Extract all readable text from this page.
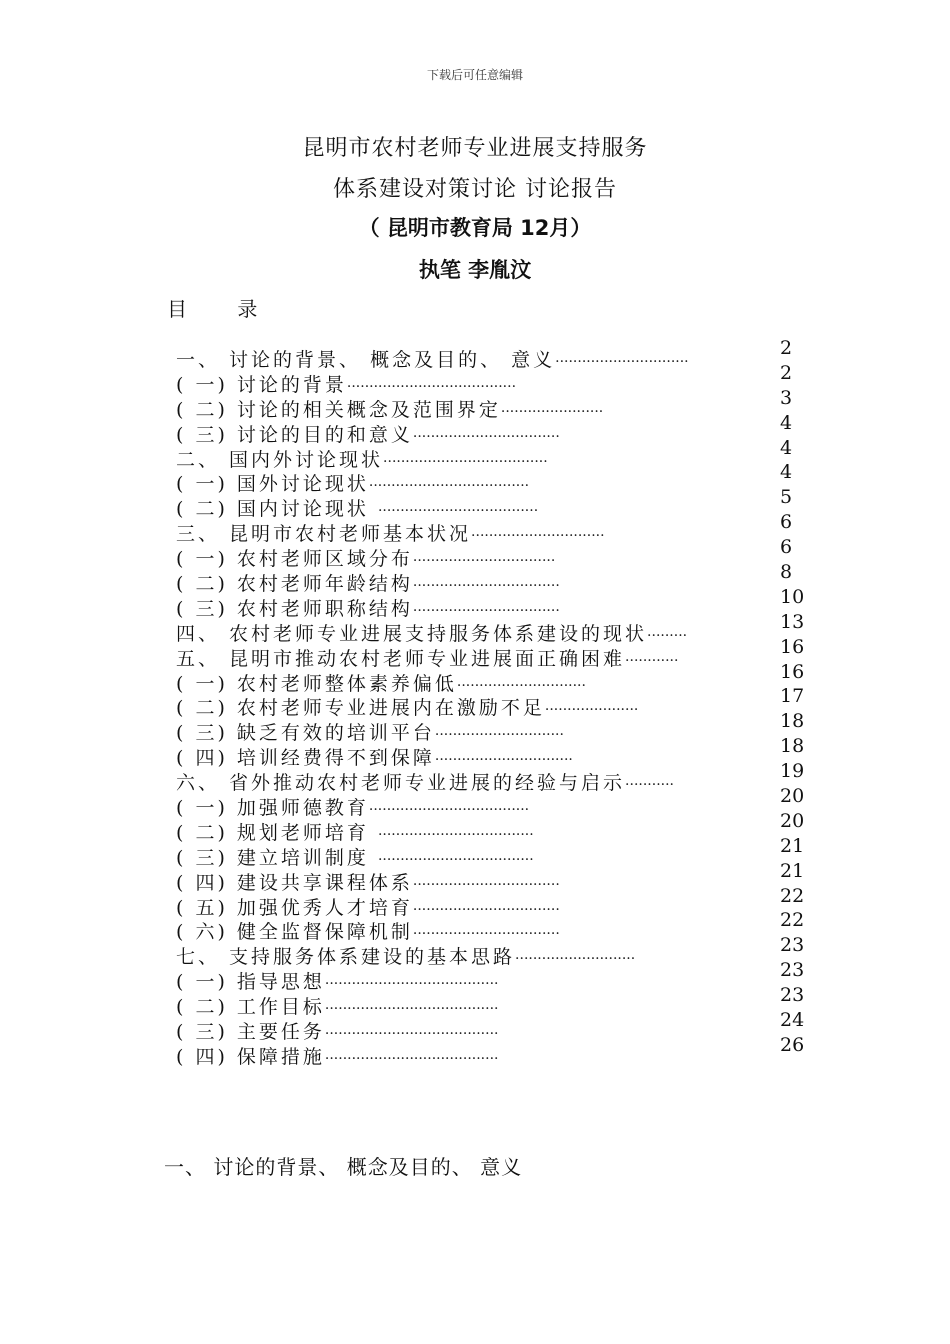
下载后可任意编辑
昆明市农村老师专业进展支持服务
体系建设对策讨论 讨论报告
（ 昆明市教育局 12月）
执笔 李胤汶
目 录
一、 讨论的背景、 概念及目的、 意义······························
( 一) 讨论的背景······································
( 二) 讨论的相关概念及范围界定·······················
( 三) 讨论的目的和意义·································
二、 国内外讨论现状·····································
( 一) 国外讨论现状····································
( 二) 国内讨论现状 ····································
三、 昆明市农村老师基本状况······························
( 一) 农村老师区域分布································
( 二) 农村老师年龄结构·································
( 三) 农村老师职称结构·································
四、 农村老师专业进展支持服务体系建设的现状·········
五、 昆明市推动农村老师专业进展面正确困难············
( 一) 农村老师整体素养偏低·····························
( 二) 农村老师专业进展内在激励不足·····················
( 三) 缺乏有效的培训平台·····························
( 四) 培训经费得不到保障·······························
六、 省外推动农村老师专业进展的经验与启示···········
( 一) 加强师德教育····································
( 二) 规划老师培育 ···································
( 三) 建立培训制度 ···································
( 四) 建设共享课程体系·································
( 五) 加强优秀人才培育·································
( 六) 健全监督保障机制·································
七、 支持服务体系建设的基本思路···························
( 一) 指导思想·······································
( 二) 工作目标·······································
( 三) 主要任务·······································
( 四) 保障措施·······································
2
2
3
4
4
4
5
6
6
8
10
13
16
16
17
18
18
19
20
20
21
21
22
22
23
23
23
24
26
一、 讨论的背景、 概念及目的、 意义
